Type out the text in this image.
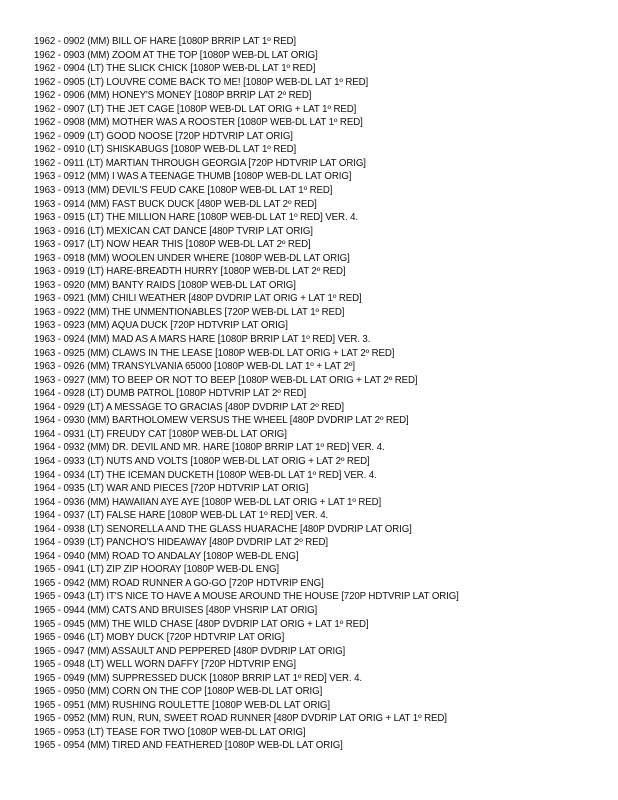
1962 - 0902 (MM) BILL OF HARE [1080P BRRIP LAT 1º RED]
1962 - 0903 (MM) ZOOM AT THE TOP [1080P WEB-DL LAT ORIG]
1962 - 0904 (LT) THE SLICK CHICK [1080P WEB-DL LAT 1º RED]
1962 - 0905 (LT) LOUVRE COME BACK TO ME! [1080P WEB-DL LAT 1º RED]
1962 - 0906 (MM) HONEY'S MONEY [1080P BRRIP LAT 2º RED]
1962 - 0907 (LT) THE JET CAGE [1080P WEB-DL LAT ORIG + LAT 1º RED]
1962 - 0908 (MM) MOTHER WAS A ROOSTER [1080P WEB-DL LAT 1º RED]
1962 - 0909 (LT) GOOD NOOSE [720P HDTVRIP LAT ORIG]
1962 - 0910 (LT) SHISKABUGS [1080P WEB-DL LAT 1º RED]
1962 - 0911 (LT) MARTIAN THROUGH GEORGIA [720P HDTVRIP LAT ORIG]
1963 - 0912 (MM) I WAS A TEENAGE THUMB [1080P WEB-DL LAT ORIG]
1963 - 0913 (MM) DEVIL'S FEUD CAKE [1080P WEB-DL LAT 1º RED]
1963 - 0914 (MM) FAST BUCK DUCK [480P WEB-DL LAT 2º RED]
1963 - 0915 (LT) THE MILLION HARE [1080P WEB-DL LAT 1º RED] VER. 4.
1963 - 0916 (LT) MEXICAN CAT DANCE [480P TVRIP LAT ORIG]
1963 - 0917 (LT) NOW HEAR THIS [1080P WEB-DL LAT 2º RED]
1963 - 0918 (MM) WOOLEN UNDER WHERE [1080P WEB-DL LAT ORIG]
1963 - 0919 (LT) HARE-BREADTH HURRY [1080P WEB-DL LAT 2º RED]
1963 - 0920 (MM) BANTY RAIDS [1080P WEB-DL LAT ORIG]
1963 - 0921 (MM) CHILI WEATHER [480P DVDRIP LAT ORIG + LAT 1º RED]
1963 - 0922 (MM) THE UNMENTIONABLES [720P WEB-DL LAT 1º RED]
1963 - 0923 (MM) AQUA DUCK [720P HDTVRIP LAT ORIG]
1963 - 0924 (MM) MAD AS A MARS HARE [1080P BRRIP LAT 1º RED] VER. 3.
1963 - 0925 (MM) CLAWS IN THE LEASE [1080P WEB-DL LAT ORIG + LAT 2º RED]
1963 - 0926 (MM) TRANSYLVANIA 65000 [1080P WEB-DL LAT 1º + LAT 2º]
1963 - 0927 (MM) TO BEEP OR NOT TO BEEP [1080P WEB-DL LAT ORIG + LAT 2º RED]
1964 - 0928 (LT) DUMB PATROL [1080P HDTVRIP LAT 2º RED]
1964 - 0929 (LT) A MESSAGE TO GRACIAS [480P DVDRIP LAT 2º RED]
1964 - 0930 (MM) BARTHOLOMEW VERSUS THE WHEEL [480P DVDRIP LAT 2º RED]
1964 - 0931 (LT) FREUDY CAT [1080P WEB-DL LAT ORIG]
1964 - 0932 (MM) DR. DEVIL AND MR. HARE [1080P BRRIP LAT 1º RED] VER. 4.
1964 - 0933 (LT) NUTS AND VOLTS [1080P WEB-DL LAT ORIG + LAT 2º RED]
1964 - 0934 (LT) THE ICEMAN DUCKETH [1080P WEB-DL LAT 1º RED] VER. 4.
1964 - 0935 (LT) WAR AND PIECES [720P HDTVRIP LAT ORIG]
1964 - 0936 (MM) HAWAIIAN AYE AYE [1080P WEB-DL LAT ORIG + LAT 1º RED]
1964 - 0937 (LT) FALSE HARE [1080P WEB-DL LAT 1º RED] VER. 4.
1964 - 0938 (LT) SENORELLA AND THE GLASS HUARACHE [480P DVDRIP LAT ORIG]
1964 - 0939 (LT) PANCHO'S HIDEAWAY [480P DVDRIP LAT 2º RED]
1964 - 0940 (MM) ROAD TO ANDALAY [1080P WEB-DL ENG]
1965 - 0941 (LT) ZIP ZIP HOORAY [1080P WEB-DL ENG]
1965 - 0942 (MM) ROAD RUNNER A GO-GO [720P HDTVRIP ENG]
1965 - 0943 (LT) IT'S NICE TO HAVE A MOUSE AROUND THE HOUSE [720P HDTVRIP LAT ORIG]
1965 - 0944 (MM) CATS AND BRUISES [480P VHSRIP LAT ORIG]
1965 - 0945 (MM) THE WILD CHASE [480P DVDRIP LAT ORIG + LAT 1º RED]
1965 - 0946 (LT) MOBY DUCK [720P HDTVRIP LAT ORIG]
1965 - 0947 (MM) ASSAULT AND PEPPERED [480P DVDRIP LAT ORIG]
1965 - 0948 (LT) WELL WORN DAFFY [720P HDTVRIP ENG]
1965 - 0949 (MM) SUPPRESSED DUCK [1080P BRRIP LAT 1º RED] VER. 4.
1965 - 0950 (MM) CORN ON THE COP [1080P WEB-DL LAT ORIG]
1965 - 0951 (MM) RUSHING ROULETTE [1080P WEB-DL LAT ORIG]
1965 - 0952 (MM) RUN, RUN, SWEET ROAD RUNNER [480P DVDRIP LAT ORIG + LAT 1º RED]
1965 - 0953 (LT) TEASE FOR TWO [1080P WEB-DL LAT ORIG]
1965 - 0954 (MM) TIRED AND FEATHERED [1080P WEB-DL LAT ORIG]
